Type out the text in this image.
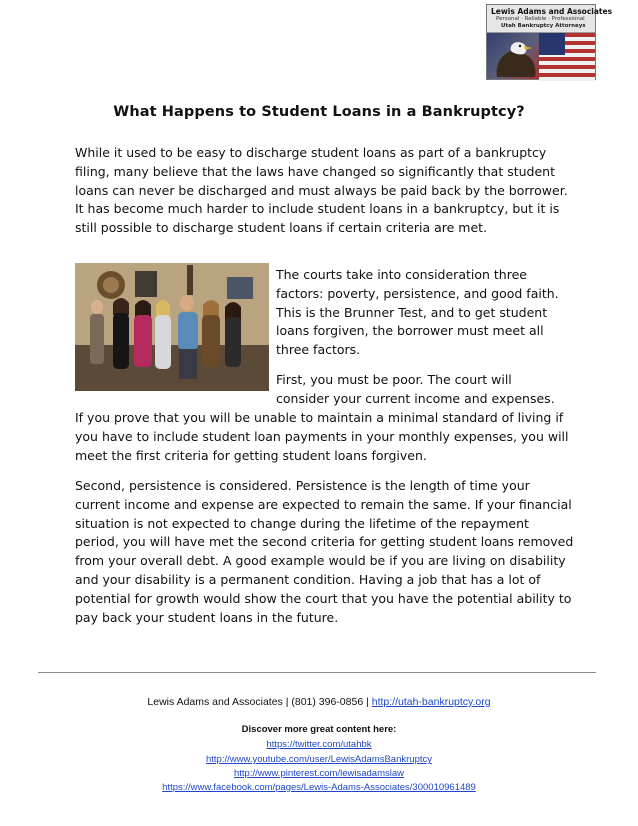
Lewis Adams and Associates
Personal · Reliable · Professional
Utah Bankruptcy Attorneys
What Happens to Student Loans in a Bankruptcy?
While it used to be easy to discharge student loans as part of a bankruptcy filing, many believe that the laws have changed so significantly that student loans can never be discharged and must always be paid back by the borrower. It has become much harder to include student loans in a bankruptcy, but it is still possible to discharge student loans if certain criteria are met.
The courts take into consideration three factors: poverty, persistence, and good faith. This is the Brunner Test, and to get student loans forgiven, the borrower must meet all three factors.
First, you must be poor. The court will consider your current income and expenses.
If you prove that you will be unable to maintain a minimal standard of living if you have to include student loan payments in your monthly expenses, you will meet the first criteria for getting student loans forgiven.
Second, persistence is considered. Persistence is the length of time your current income and expense are expected to remain the same. If your financial situation is not expected to change during the lifetime of the repayment period, you will have met the second criteria for getting student loans removed from your overall debt. A good example would be if you are living on disability and your disability is a permanent condition. Having a job that has a lot of potential for growth would show the court that you have the potential ability to pay back your student loans in the future.
Lewis Adams and Associates | (801) 396-0856 | http://utah-bankruptcy.org
Discover more great content here:
https://twitter.com/utahbk
http://www.youtube.com/user/LewisAdamsBankruptcy
http://www.pinterest.com/lewisadamslaw
https://www.facebook.com/pages/Lewis-Adams-Associates/300010961489
